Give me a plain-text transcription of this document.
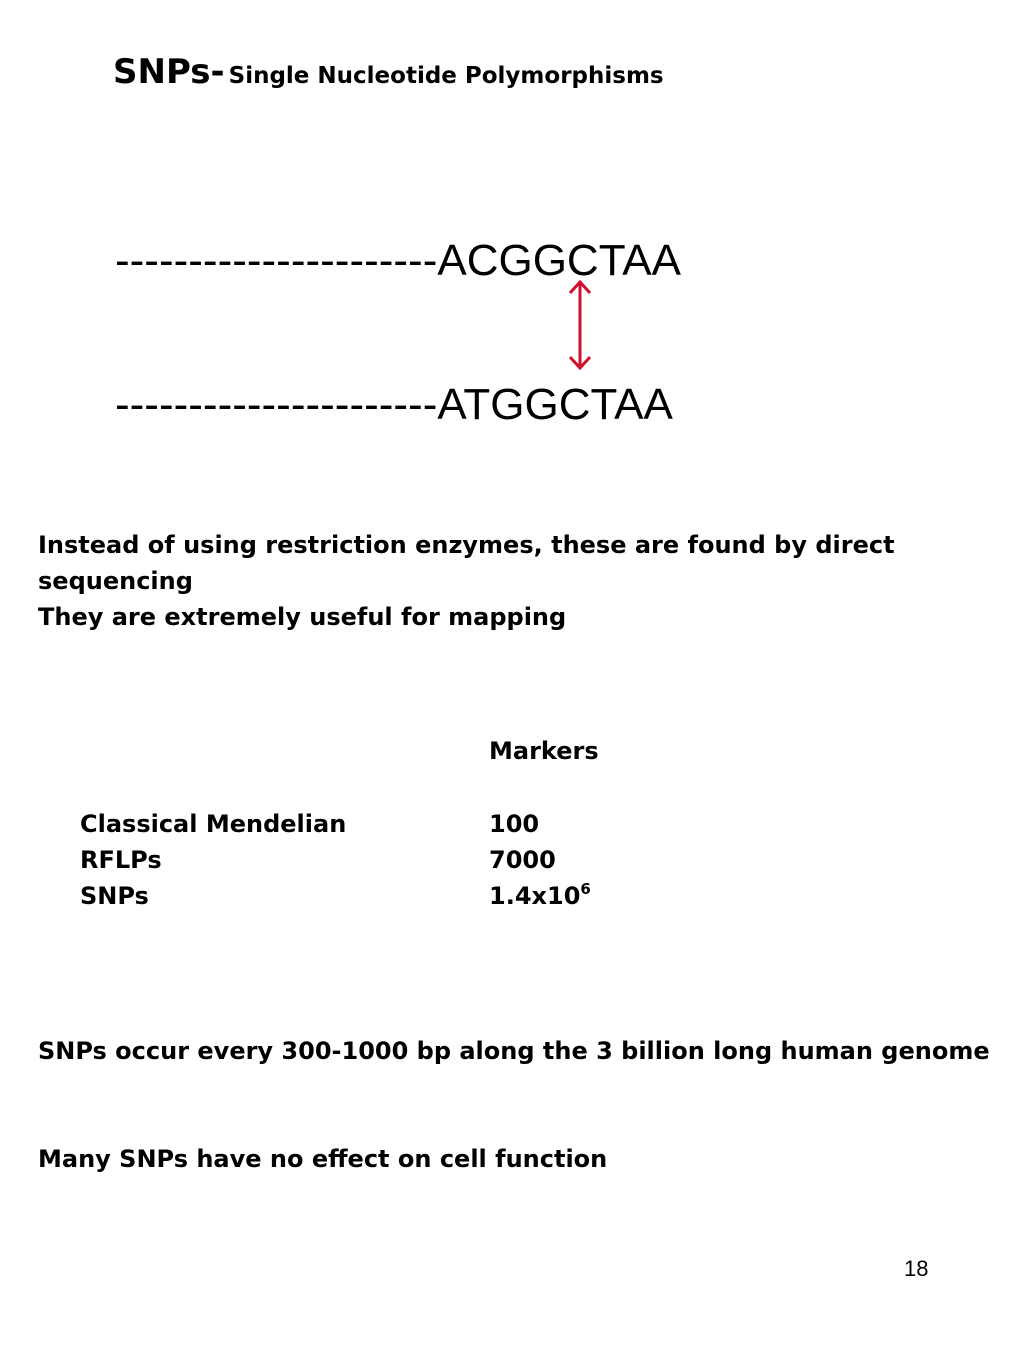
SNPs- Single Nucleotide Polymorphisms
----------------------ACGGCTAA
----------------------ATGGCTAA
Instead of using restriction enzymes, these are found by direct sequencing
They are extremely useful for mapping
Markers
Classical Mendelian	100
RFLPs	7000
SNPs	$1.4x10^6$
SNPs occur every 300-1000 bp along the 3 billion long human genome
Many SNPs have no effect on cell function
18
